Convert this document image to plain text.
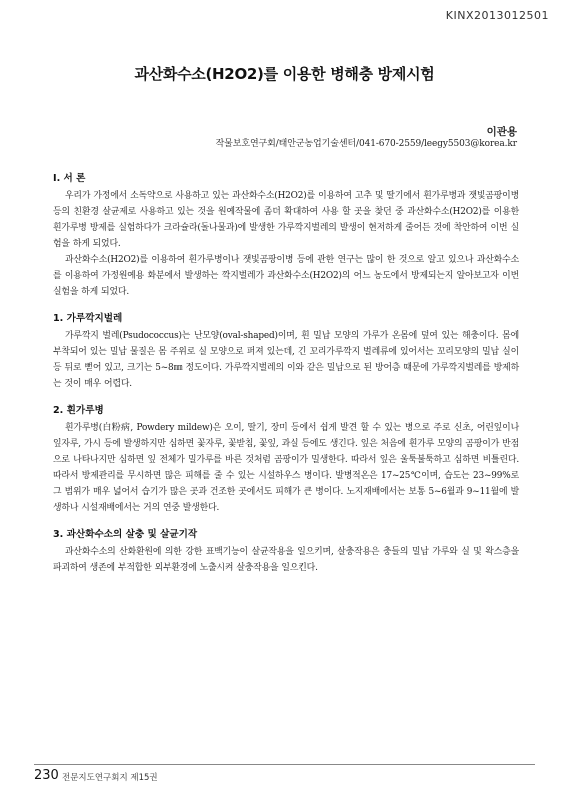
KINX2013012501
과산화수소(H2O2)를 이용한 병해충 방제시험
이관용
작물보호연구회/태안군농업기술센터/041-670-2559/leegy5503@korea.kr
Ⅰ. 서 론

우리가 가정에서 소독약으로 사용하고 있는 과산화수소(H2O2)를 이용하여 고추 및 딸기에서 흰가루병과 잿빛곰팡이병 등의 친환경 살균제로 사용하고 있는 것을 원예작물에 좀더 확대하여 사용 할 곳을 찾던 중 과산화수소(H2O2)를 이용한 흰가루병 방제를 실험하다가 크라슐라(돌나물과)에 발생한 가루깍지벌레의 발생이 현저하게 줄어든 것에 착안하여 이번 실험을 하게 되었다.

과산화수소(H2O2)를 이용하여 흰가루병이나 잿빛곰팡이병 등에 관한 연구는 많이 한 것으로 알고 있으나 과산화수소를 이용하여 가정원예용 화분에서 발생하는 깍지벌레가 과산화수소(H2O2)의 어느 농도에서 방제되는지 알아보고자 이번 실험을 하게 되었다.

1. 가루깍지벌레

가루깍지 벌레(Psudococcus)는 난모양(oval-shaped)이며, 흰 밀납 모양의 가루가 온몸에 덮여 있는 해충이다. 몸에 부착되어 있는 밀납 물질은 몸 주위로 실 모양으로 퍼져 있는데, 긴 꼬리가루깍지 벌레류에 있어서는 꼬리모양의 밀납 실이 등 뒤로 뻗어 있고, 크기는 5~8㎜ 정도이다. 가루깍지벌레의 이와 같은 밀납으로 된 방어층 때문에 가루깍지벌레를 방제하는 것이 매우 어렵다.

2. 흰가루병

흰가루병(白粉病, Powdery mildew)은 오이, 딸기, 장미 등에서 쉽게 발견 할 수 있는 병으로 주로 신초, 어린잎이나 잎자루, 가시 등에 발생하지만 심하면 꽃자루, 꽃받침, 꽃잎, 과실 등에도 생긴다. 잎은 처음에 흰가루 모양의 곰팡이가 반점으로 나타나지만 심하면 잎 전체가 밀가루를 바른 것처럼 곰팡이가 밀생한다. 따라서 잎은 울툭불툭하고 심하면 비틀린다. 따라서 방제관리를 무시하면 많은 피해를 줄 수 있는 시설하우스 병이다. 발병적온은 17~25℃이며, 습도는 23~99%로 그 범위가 매우 넓어서 습기가 많은 곳과 건조한 곳에서도 피해가 큰 병이다. 노지재배에서는 보통 5~6월과 9~11월에 발생하나 시설재배에서는 거의 연중 발생한다.

3. 과산화수소의 살충 및 살균기작

과산화수소의 산화환원에 의한 강한 표백기능이 살균작용을 일으키며, 살충작용은 충들의 밀납 가루와 실 및 왁스층을 파괴하여 생존에 부적합한 외부환경에 노출시켜 살충작용을 일으킨다.

230 전문지도연구회지 제15권
